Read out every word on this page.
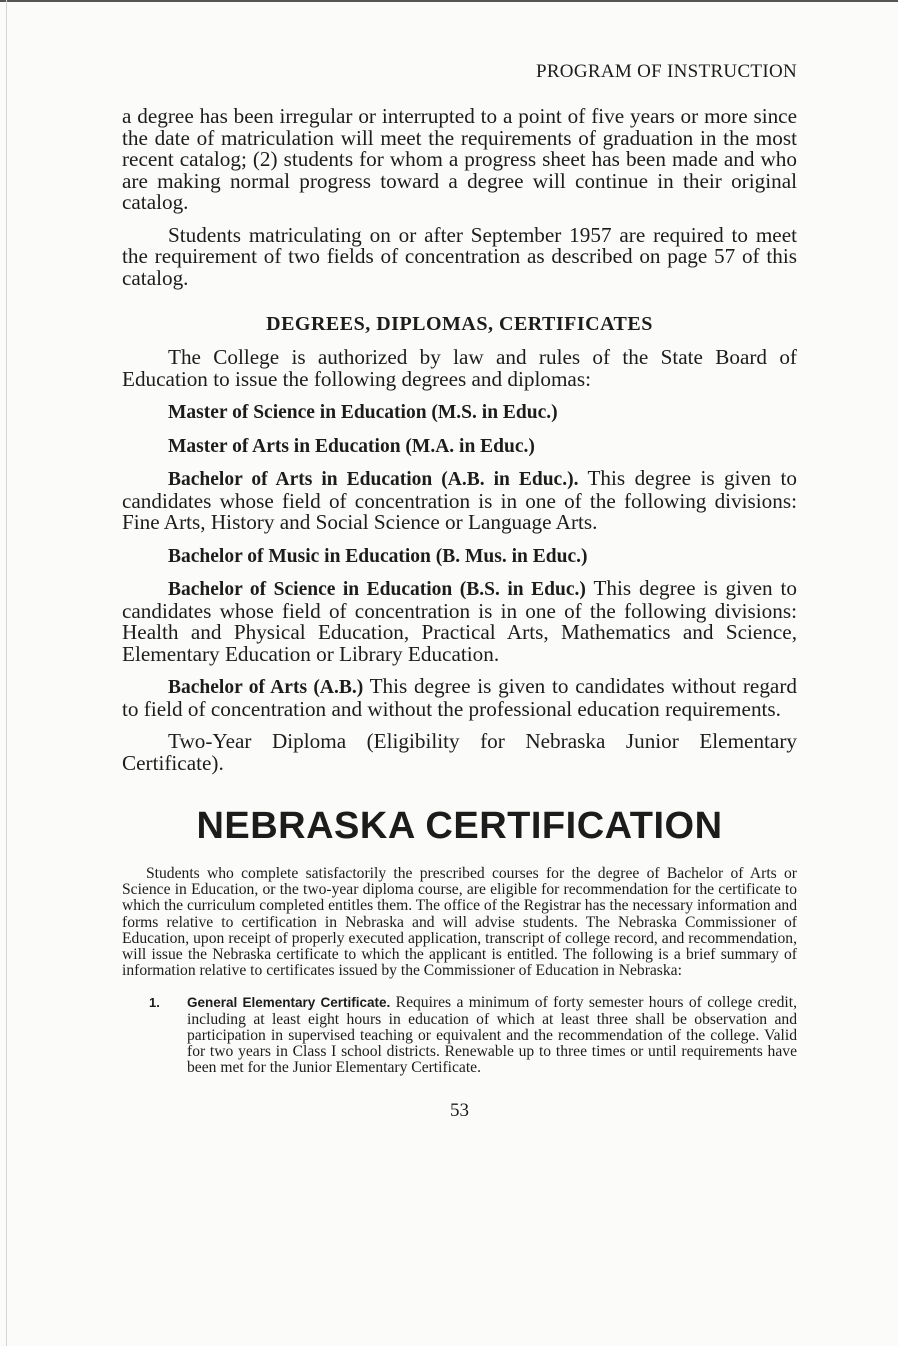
PROGRAM OF INSTRUCTION

a degree has been irregular or interrupted to a point of five years or more since the date of matriculation will meet the requirements of graduation in the most recent catalog; (2) students for whom a progress sheet has been made and who are making normal progress toward a degree will continue in their original catalog.

Students matriculating on or after September 1957 are required to meet the requirement of two fields of concentration as described on page 57 of this catalog.

DEGREES, DIPLOMAS, CERTIFICATES

The College is authorized by law and rules of the State Board of Education to issue the following degrees and diplomas:

Master of Science in Education (M.S. in Educ.)

Master of Arts in Education (M.A. in Educ.)

Bachelor of Arts in Education (A.B. in Educ.). This degree is given to candidates whose field of concentration is in one of the following divisions: Fine Arts, History and Social Science or Language Arts.

Bachelor of Music in Education (B. Mus. in Educ.)

Bachelor of Science in Education (B.S. in Educ.) This degree is given to candidates whose field of concentration is in one of the following divisions: Health and Physical Education, Practical Arts, Mathematics and Science, Elementary Education or Library Education.

Bachelor of Arts (A.B.) This degree is given to candidates without regard to field of concentration and without the professional education requirements.

Two-Year Diploma (Eligibility for Nebraska Junior Elementary Certificate).

NEBRASKA CERTIFICATION

Students who complete satisfactorily the prescribed courses for the degree of Bachelor of Arts or Science in Education, or the two-year diploma course, are eligible for recommendation for the certificate to which the curriculum completed entitles them. The office of the Registrar has the necessary information and forms relative to certification in Nebraska and will advise students. The Nebraska Commissioner of Education, upon receipt of properly executed application, transcript of college record, and recommendation, will issue the Nebraska certificate to which the applicant is entitled. The following is a brief summary of information relative to certificates issued by the Commissioner of Education in Nebraska:

1.	General Elementary Certificate. Requires a minimum of forty semester hours of college credit, including at least eight hours in education of which at least three shall be observation and participation in supervised teaching or equivalent and the recommendation of the college. Valid for two years in Class I school districts. Renewable up to three times or until requirements have been met for the Junior Elementary Certificate.
53
